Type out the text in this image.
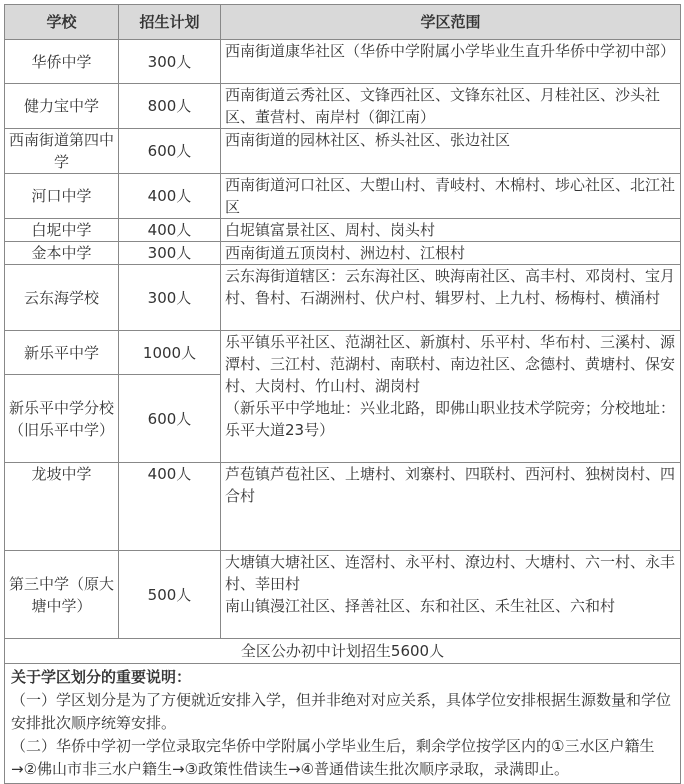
学校	招生计划	学区范围
华侨中学	300人	西南街道康华社区（华侨中学附属小学毕业生直升华侨中学初中部）
健力宝中学	800人	西南街道云秀社区、文锋西社区、文锋东社区、月桂社区、沙头社区、董营村、南岸村（御江南）
西南街道第四中学	600人	西南街道的园林社区、桥头社区、张边社区
河口中学	400人	西南街道河口社区、大塱山村、青岐村、木棉村、埗心社区、北江社区
白坭中学	400人	白坭镇富景社区、周村、岗头村
金本中学	300人	西南街道五顶岗村、洲边村、江根村
云东海学校	300人	云东海街道辖区：云东海社区、映海南社区、高丰村、邓岗村、宝月村、鲁村、石湖洲村、伏户村、辑罗村、上九村、杨梅村、横涌村
新乐平中学	1000人	乐平镇乐平社区、范湖社区、新旗村、乐平村、华布村、三溪村、源潭村、三江村、范湖村、南联村、南边社区、念德村、黄塘村、保安村、大岗村、竹山村、湖岗村
（新乐平中学地址：兴业北路，即佛山职业技术学院旁；分校地址：乐平大道23号）

新乐平中学分校（旧乐平中学）	600人	
龙坡中学	400人	芦苞镇芦苞社区、上塘村、刘寨村、四联村、西河村、独树岗村、四合村
第三中学（原大塘中学）	500人	大塘镇大塘社区、连滘村、永平村、潦边村、大塘村、六一村、永丰村、莘田村
南山镇漫江社区、择善社区、东和社区、禾生社区、六和村

全区公办初中计划招生5600人		

关于学区划分的重要说明：
（一）学区划分是为了方便就近安排入学，但并非绝对对应关系，具体学位安排根据生源数量和学位安排批次顺序统筹安排。
（二）华侨中学初一学位录取完华侨中学附属小学毕业生后，剩余学位按学区内的①三水区户籍生→②佛山市非三水户籍生→③政策性借读生→④普通借读生批次顺序录取，录满即止。		
